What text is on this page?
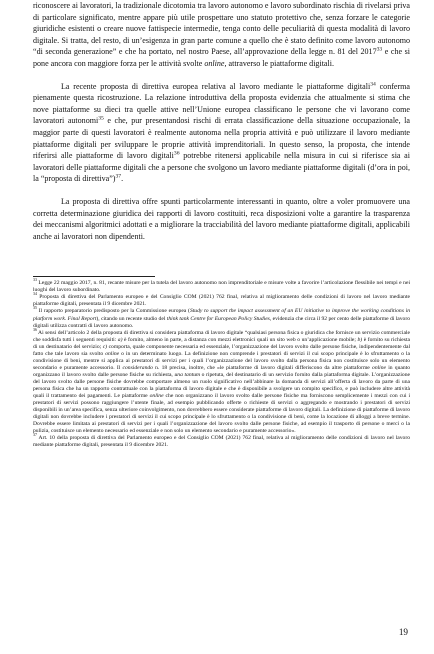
riconoscere ai lavoratori, la tradizionale dicotomia tra lavoro autonomo e lavoro subordinato rischia di rivelarsi priva di particolare significato, mentre appare più utile prospettare uno statuto protettivo che, senza forzare le categorie giuridiche esistenti o creare nuove fattispecie intermedie, tenga conto delle peculiarità di questa modalità di lavoro digitale. Si tratta, del resto, di un’esigenza in gran parte comune a quello che è stato definito come lavoro autonomo “di seconda generazione” e che ha portato, nel nostro Paese, all’approvazione della legge n. 81 del 2017$^{33}$ e che si pone ancora con maggiore forza per le attività svolte online, attraverso le piattaforme digitali.

La recente proposta di direttiva europea relativa al lavoro mediante le piattaforme digitali$^{34}$ conferma pienamente questa ricostruzione. La relazione introduttiva della proposta evidenzia che attualmente si stima che nove piattaforme su dieci tra quelle attive nell’Unione europea classificano le persone che vi lavorano come lavoratori autonomi$^{35}$ e che, pur presentandosi rischi di errata classificazione della situazione occupazionale, la maggior parte di questi lavoratori è realmente autonoma nella propria attività e può utilizzare il lavoro mediante piattaforme digitali per sviluppare le proprie attività imprenditoriali. In questo senso, la proposta, che intende riferirsi alle piattaforme di lavoro digitali$^{36}$ potrebbe ritenersi applicabile nella misura in cui si riferisce sia ai lavoratori delle piattaforme digitali che a persone che svolgono un lavoro mediante piattaforme digitali (d’ora in poi, la “proposta di direttiva”)$^{37}$.

La proposta di direttiva offre spunti particolarmente interessanti in quanto, oltre a voler promuovere una corretta determinazione giuridica dei rapporti di lavoro costituiti, reca disposizioni volte a garantire la trasparenza dei meccanismi algoritmici adottati e a migliorare la tracciabilità del lavoro mediante piattaforme digitali, applicabili anche ai lavoratori non dipendenti.

$^{33}$ Legge 22 maggio 2017, n. 81, recante misure per la tutela del lavoro autonomo non imprenditoriale e misure volte a favorire l’articolazione flessibile nei tempi e nei luoghi del lavoro subordinato.

$^{34}$ Proposta di direttiva del Parlamento europeo e del Consiglio COM (2021) 762 final, relativa al miglioramento delle condizioni di lavoro nel lavoro mediante piattaforme digitali, presentata il 9 dicembre 2021.

$^{35}$ Il rapporto preparatorio predisposto per la Commissione europea (Study to support the impact assessment of an EU initiative to improve the working conditions in platform work. Final Report), citando un recente studio del think tank Centre for European Policy Studies, evidenzia che circa il 92 per cento delle piattaforme di lavoro digitali utilizza contratti di lavoro autonomo.

$^{36}$ Ai sensi dell’articolo 2 della proposta di direttiva si considera piattaforma di lavoro digitale “qualsiasi persona fisica o giuridica che fornisce un servizio commerciale che soddisfa tutti i seguenti requisiti: a) è fornito, almeno in parte, a distanza con mezzi elettronici quali un sito web o un’applicazione mobile; b) è fornito su richiesta di un destinatario del servizio; c) comporta, quale componente necessaria ed essenziale, l’organizzazione del lavoro svolto dalle persone fisiche, indipendentemente dal fatto che tale lavoro sia svolto online o in un determinato luogo. La definizione non comprende i prestatori di servizi il cui scopo principale è lo sfruttamento o la condivisione di beni, mentre si applica ai prestatori di servizi per i quali l’organizzazione del lavoro svolto dalla persona fisica non costituisce solo un elemento secondario e puramente accessorio. Il considerando n. 18 precisa, inoltre, che «le piattaforme di lavoro digitali differiscono da altre piattaforme online in quanto organizzano il lavoro svolto dalle persone fisiche su richiesta, una tantum o ripetuta, del destinatario di un servizio fornito dalla piattaforma digitale. L’organizzazione del lavoro svolto dalle persone fisiche dovrebbe comportare almeno un ruolo significativo nell’abbinare la domanda di servizi all’offerta di lavoro da parte di una persona fisica che ha un rapporto contrattuale con la piattaforma di lavoro digitale e che è disponibile a svolgere un compito specifico, e può includere altre attività quali il trattamento dei pagamenti. Le piattaforme online che non organizzano il lavoro svolto dalle persone fisiche ma forniscono semplicemente i mezzi con cui i prestatori di servizi possono raggiungere l’utente finale, ad esempio pubblicando offerte o richieste di servizi o aggregando e mostrando i prestatori di servizi disponibili in un’area specifica, senza ulteriore coinvolgimento, non dovrebbero essere considerate piattaforme di lavoro digitali. La definizione di piattaforme di lavoro digitali non dovrebbe includere i prestatori di servizi il cui scopo principale è lo sfruttamento o la condivisione di beni, come la locazione di alloggi a breve termine. Dovrebbe essere limitata ai prestatori di servizi per i quali l’organizzazione del lavoro svolto dalle persone fisiche, ad esempio il trasporto di persone o merci o la pulizia, costituisce un elemento necessario ed essenziale e non solo un elemento secondario e puramente accessorio».

$^{37}$ Art. 10 della proposta di direttiva del Parlamento europeo e del Consiglio COM (2021) 762 final, relativa al miglioramento delle condizioni di lavoro nel lavoro mediante piattaforme digitali, presentata il 9 dicembre 2021.

19
